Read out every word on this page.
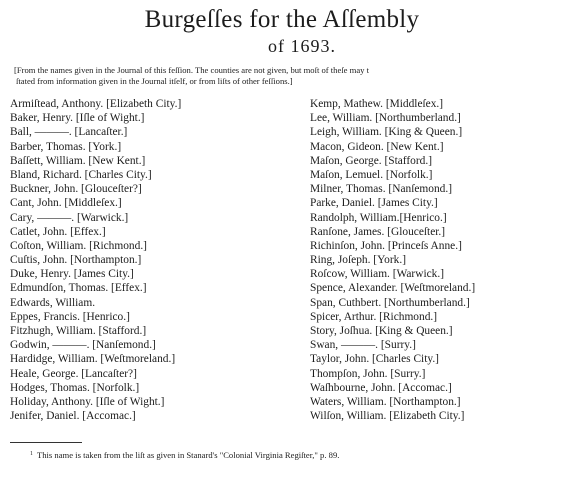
Burgeſſes for the Aſſembly
of 1693.
[From the names given in the Journal of this feſſion. The counties are not given, but moſt of theſe may t
ſtated from information given in the Journal itſelf, or from liſts of other feſſions.]
Armiſtead, Anthony. [Elizabeth City.]
Baker, Henry. [Iſle of Wight.]
Ball, ———. [Lancaſter.]
Barber, Thomas. [York.]
Baſſett, William. [New Kent.]
Bland, Richard. [Charles City.]
Buckner, John. [Glouceſter?]
Cant, John. [Middleſex.]
Cary, ———. [Warwick.]
Catlet, John. [Effex.]
Coſton, William. [Richmond.]
Cuſtis, John. [Northampton.]
Duke, Henry. [James City.]
Edmundſon, Thomas. [Effex.]
Edwards, William.
Eppes, Francis. [Henrico.]
Fitzhugh, William. [Stafford.]
Godwin, ———. [Nanſemond.]
Hardidge, William. [Weſtmoreland.]
Heale, George. [Lancaſter?]
Hodges, Thomas. [Norfolk.]
Holiday, Anthony. [Iſle of Wight.]
Jenifer, Daniel. [Accomac.]
Kemp, Mathew. [Middleſex.]
Lee, William. [Northumberland.]
Leigh, William. [King & Queen.]
Macon, Gideon. [New Kent.]
Maſon, George. [Stafford.]
Maſon, Lemuel. [Norfolk.]
Milner, Thomas. [Nanſemond.]
Parke, Daniel. [James City.]
Randolph, William.[Henrico.]
Ranſone, James. [Glouceſter.]
Richinſon, John. [Princeſs Anne.]
Ring, Joſeph. [York.]
Roſcow, William. [Warwick.]
Spence, Alexander. [Weſtmoreland.]
Span, Cuthbert. [Northumberland.]
Spicer, Arthur. [Richmond.]
Story, Joſhua. [King & Queen.]
Swan, ———. [Surry.]
Taylor, John. [Charles City.]
Thompſon, John. [Surry.]
Waſhbourne, John. [Accomac.]
Waters, William. [Northampton.]
Wilſon, William. [Elizabeth City.]
$^1$ This name is taken from the liſt as given in Stanard's "Colonial Virginia Regiſter," p. 89.
